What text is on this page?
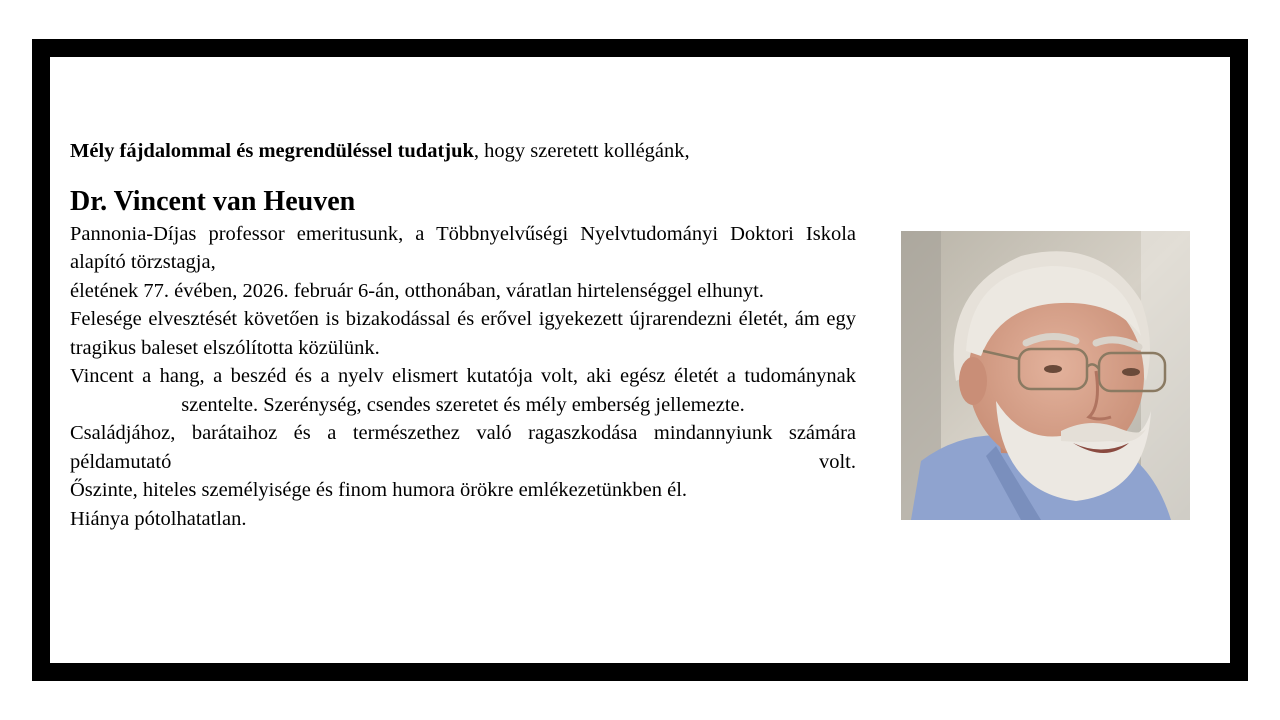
Mély fájdalommal és megrendüléssel tudatjuk, hogy szeretett kollégánk,

Dr. Vincent van Heuven

Pannonia-Díjas professor emeritusunk, a Többnyelvűségi Nyelvtudományi Doktori Iskola alapító törzstagja,

életének 77. évében, 2026. február 6-án, otthonában, váratlan hirtelenséggel elhunyt.

Felesége elvesztését követően is bizakodással és erővel igyekezett újrarendezni életét, ám egy tragikus baleset elszólította közülünk.

Vincent a hang, a beszéd és a nyelv elismert kutatója volt, aki egész életét a tudománynak szentelte. Szerénység, csendes szeretet és mély emberség jellemezte.

Családjához, barátaihoz és a természethez való ragaszkodása mindannyiunk számára példamutató volt.

Őszinte, hiteles személyisége és finom humora örökre emlékezetünkben él.

Hiánya pótolhatatlan.
